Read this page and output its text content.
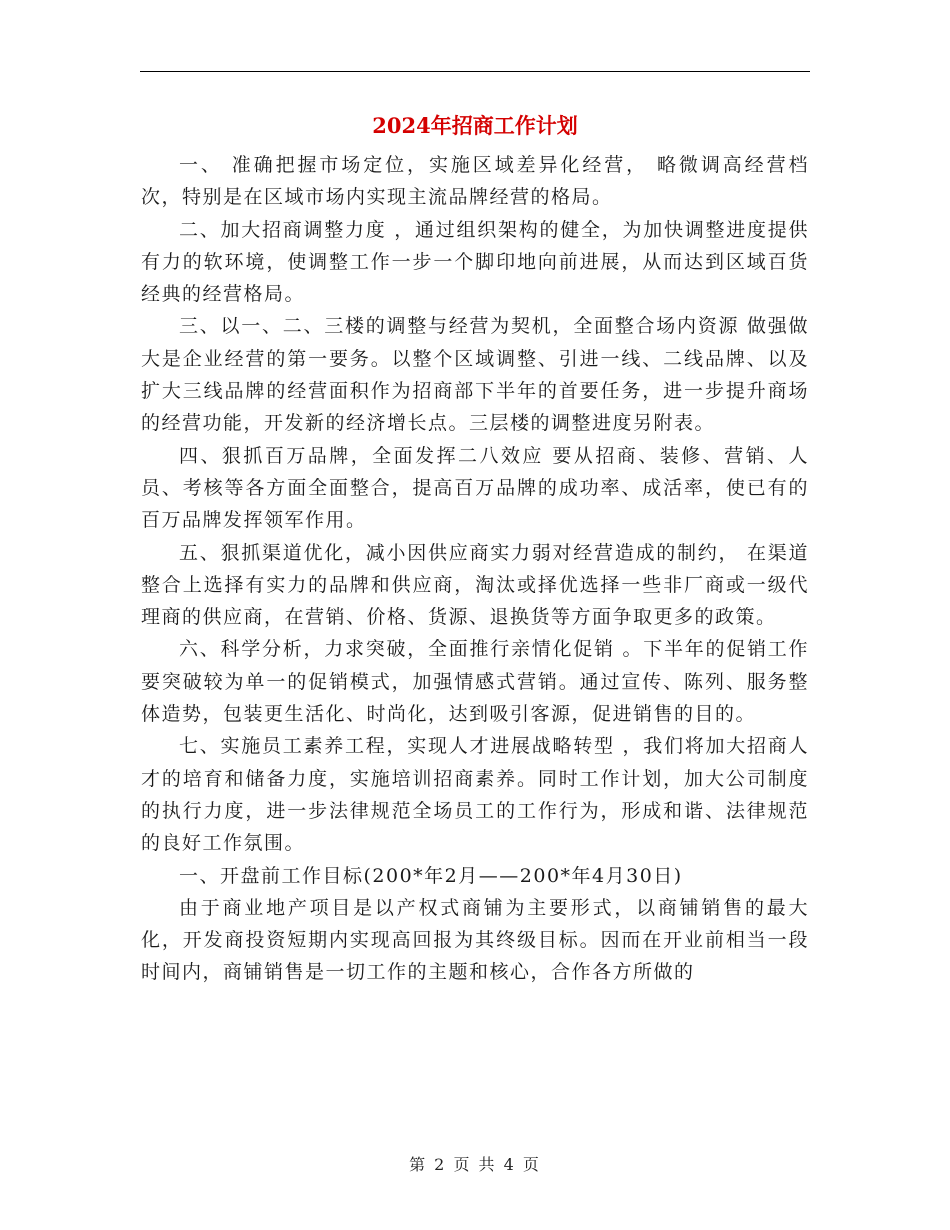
2024年招商工作计划

一、 准确把握市场定位，实施区域差异化经营， 略微调高经营档次，特别是在区域市场内实现主流品牌经营的格局。

二、加大招商调整力度 ，通过组织架构的健全，为加快调整进度提供有力的软环境，使调整工作一步一个脚印地向前进展，从而达到区域百货经典的经营格局。

三、以一、二、三楼的调整与经营为契机，全面整合场内资源 做强做大是企业经营的第一要务。以整个区域调整、引进一线、二线品牌、以及扩大三线品牌的经营面积作为招商部下半年的首要任务，进一步提升商场的经营功能，开发新的经济增长点。三层楼的调整进度另附表。

四、狠抓百万品牌，全面发挥二八效应 要从招商、装修、营销、人员、考核等各方面全面整合，提高百万品牌的成功率、成活率，使已有的百万品牌发挥领军作用。

五、狠抓渠道优化，减小因供应商实力弱对经营造成的制约， 在渠道整合上选择有实力的品牌和供应商，淘汰或择优选择一些非厂商或一级代理商的供应商，在营销、价格、货源、退换货等方面争取更多的政策。

六、科学分析，力求突破，全面推行亲情化促销 。下半年的促销工作要突破较为单一的促销模式，加强情感式营销。通过宣传、陈列、服务整体造势，包装更生活化、时尚化，达到吸引客源，促进销售的目的。

七、实施员工素养工程，实现人才进展战略转型 ，我们将加大招商人才的培育和储备力度，实施培训招商素养。同时工作计划，加大公司制度的执行力度，进一步法律规范全场员工的工作行为，形成和谐、法律规范的良好工作氛围。

一、开盘前工作目标(200*年2月——200*年4月30日)

由于商业地产项目是以产权式商铺为主要形式，以商铺销售的最大化，开发商投资短期内实现高回报为其终级目标。因而在开业前相当一段时间内，商铺销售是一切工作的主题和核心，合作各方所做的

第 2 页 共 4 页
